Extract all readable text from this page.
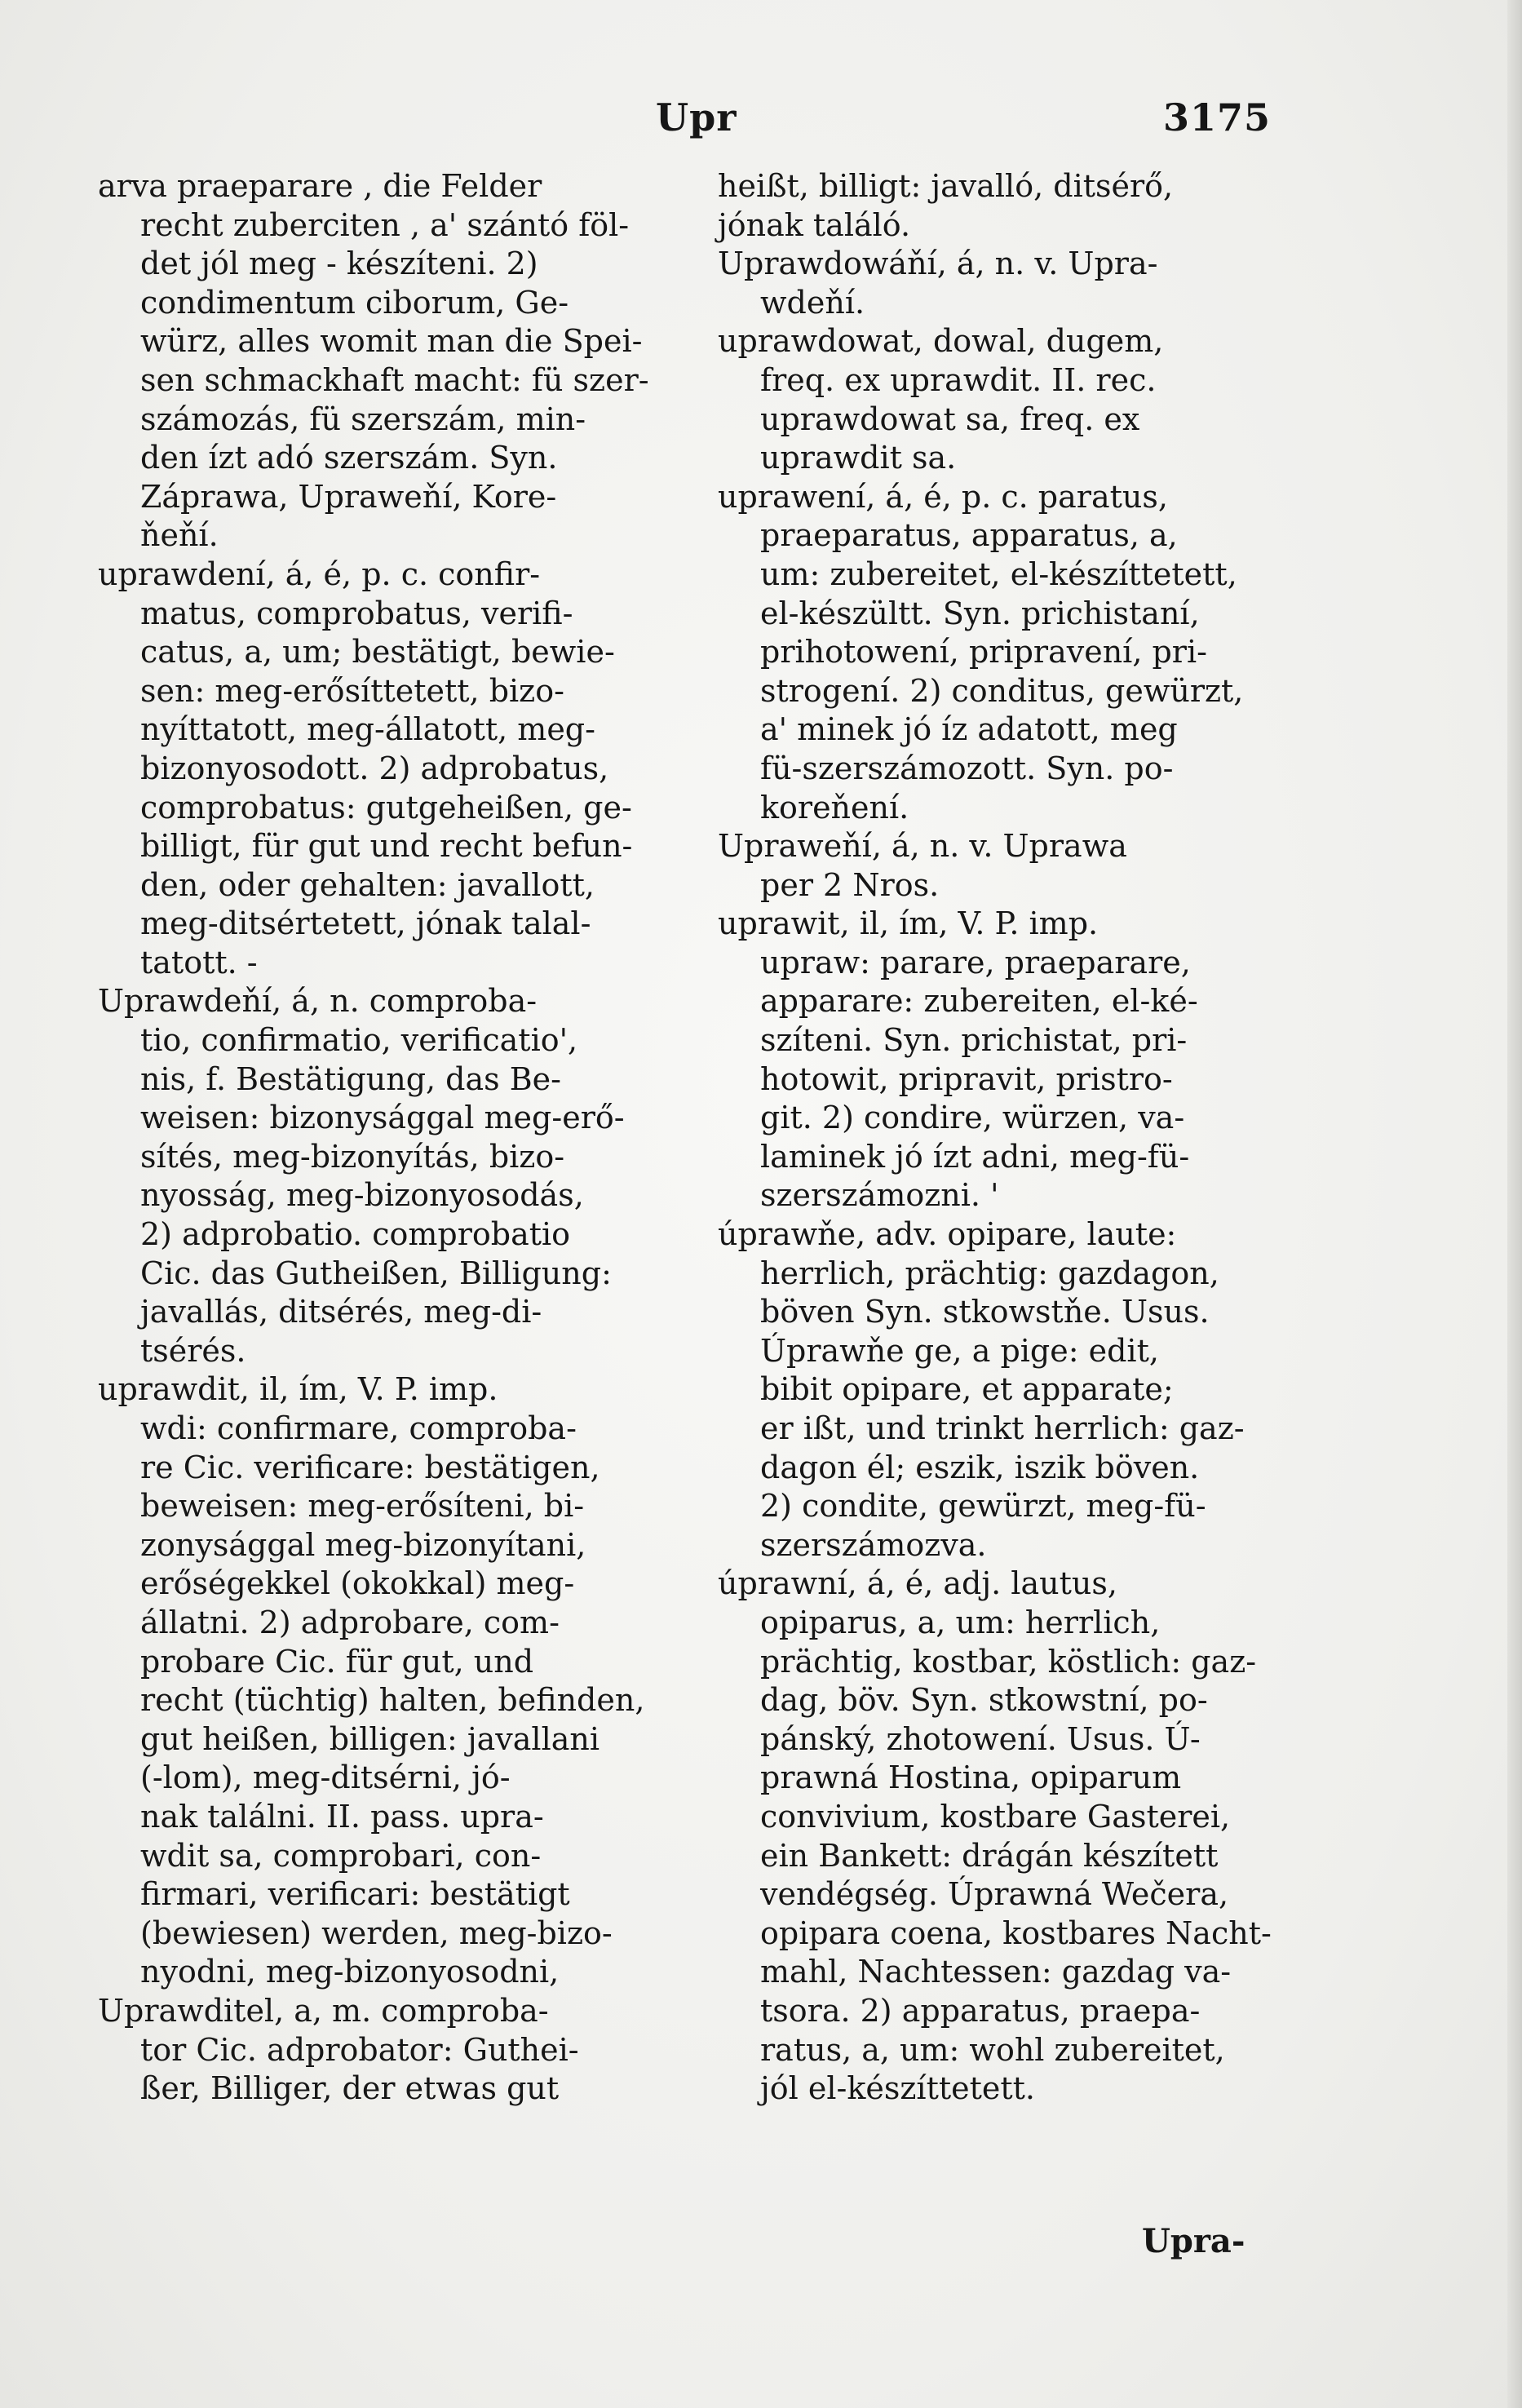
Upr	3175
arva praeparare , die Felder
recht zuberciten , a' szántó föl-
det jól meg - készíteni. 2)
condimentum ciborum, Ge-
würz, alles womit man die Spei-
sen schmackhaft macht: fü szer-
számozás, fü szerszám, min-
den ízt adó szerszám. Syn.
Záprawa, Upraweňí, Kore-
ňeňí.
uprawdení, á, é, p. c. confir-
matus, comprobatus, verifi-
catus, a, um; bestätigt, bewie-
sen: meg-erősíttetett, bizo-
nyíttatott, meg-állatott, meg-
bizonyosodott. 2) adprobatus,
comprobatus: gutgeheißen, ge-
billigt, für gut und recht befun-
den, oder gehalten: javallott,
meg-ditsértetett, jónak talal-
tatott. -
Uprawdeňí, á, n. comproba-
tio, confirmatio, verificatio',
nis, f. Bestätigung, das Be-
weisen: bizonysággal meg-erő-
sítés, meg-bizonyítás, bizo-
nyosság, meg-bizonyosodás,
2) adprobatio. comprobatio
Cic. das Gutheißen, Billigung:
javallás, ditsérés, meg-di-
tsérés.
uprawdit, il, ím, V. P. imp.
wdi: confirmare, comproba-
re Cic. verificare: bestätigen,
beweisen: meg-erősíteni, bi-
zonysággal meg-bizonyítani,
erőségekkel (okokkal) meg-
állatni. 2) adprobare, com-
probare Cic. für gut, und
recht (tüchtig) halten, befinden,
gut heißen, billigen: javallani
(-lom), meg-ditsérni, jó-
nak találni. II. pass. upra-
wdit sa, comprobari, con-
firmari, verificari: bestätigt
(bewiesen) werden, meg-bizo-
nyodni, meg-bizonyosodni,
Uprawditel, a, m. comproba-
tor Cic. adprobator: Guthei-
ßer, Billiger, der etwas gut
heißt, billigt: javalló, ditsérő,
jónak találó.
Uprawdowáňí, á, n. v. Upra-
wdeňí.
uprawdowat, dowal, dugem,
freq. ex uprawdit. II. rec.
uprawdowat sa, freq. ex
uprawdit sa.
uprawení, á, é, p. c. paratus,
praeparatus, apparatus, a,
um: zubereitet, el-készíttetett,
el-készültt. Syn. prichistaní,
prihotowení, pripravení, pri-
strogení. 2) conditus, gewürzt,
a' minek jó íz adatott, meg
fü-szerszámozott. Syn. po-
koreňení.
Upraweňí, á, n. v. Uprawa
per 2 Nros.
uprawit, il, ím, V. P. imp.
upraw: parare, praeparare,
apparare: zubereiten, el-ké-
szíteni. Syn. prichistat, pri-
hotowit, pripravit, pristro-
git. 2) condire, würzen, va-
laminek jó ízt adni, meg-fü-
szerszámozni. '
úprawňe, adv. opipare, laute:
herrlich, prächtig: gazdagon,
böven Syn. stkowstňe. Usus.
Úprawňe ge, a pige: edit,
bibit opipare, et apparate;
er ißt, und trinkt herrlich: gaz-
dagon él; eszik, iszik böven.
2) condite, gewürzt, meg-fü-
szerszámozva.
úprawní, á, é, adj. lautus,
opiparus, a, um: herrlich,
prächtig, kostbar, köstlich: gaz-
dag, böv. Syn. stkowstní, po-
pánský, zhotowení. Usus. Ú-
prawná Hostina, opiparum
convivium, kostbare Gasterei,
ein Bankett: drágán készített
vendégség. Úprawná Wečera,
opipara coena, kostbares Nacht-
mahl, Nachtessen: gazdag va-
tsora. 2) apparatus, praepa-
ratus, a, um: wohl zubereitet,
jól el-készíttetett.
Upra-
